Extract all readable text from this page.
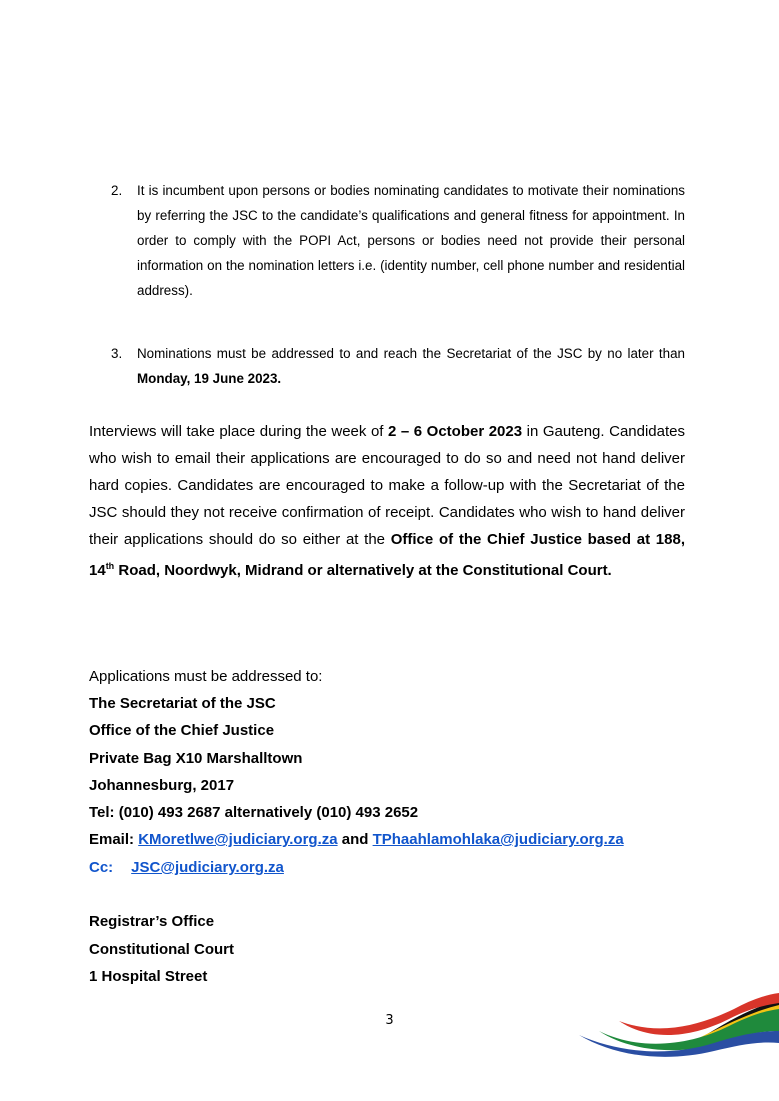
2. It is incumbent upon persons or bodies nominating candidates to motivate their nominations by referring the JSC to the candidate’s qualifications and general fitness for appointment. In order to comply with the POPI Act, persons or bodies need not provide their personal information on the nomination letters i.e. (identity number, cell phone number and residential address).
3. Nominations must be addressed to and reach the Secretariat of the JSC by no later than Monday, 19 June 2023.
Interviews will take place during the week of 2 – 6 October 2023 in Gauteng. Candidates who wish to email their applications are encouraged to do so and need not hand deliver hard copies. Candidates are encouraged to make a follow-up with the Secretariat of the JSC should they not receive confirmation of receipt. Candidates who wish to hand deliver their applications should do so either at the Office of the Chief Justice based at 188, 14th Road, Noordwyk, Midrand or alternatively at the Constitutional Court.
Applications must be addressed to:
The Secretariat of the JSC
Office of the Chief Justice
Private Bag X10 Marshalltown
Johannesburg, 2017
Tel: (010) 493 2687 alternatively (010) 493 2652
Email: KMoretlwe@judiciary.org.za and TPhaahlamohlaka@judiciary.org.za
Cc: JSC@judiciary.org.za
Registrar’s Office
Constitutional Court
1 Hospital Street
3
